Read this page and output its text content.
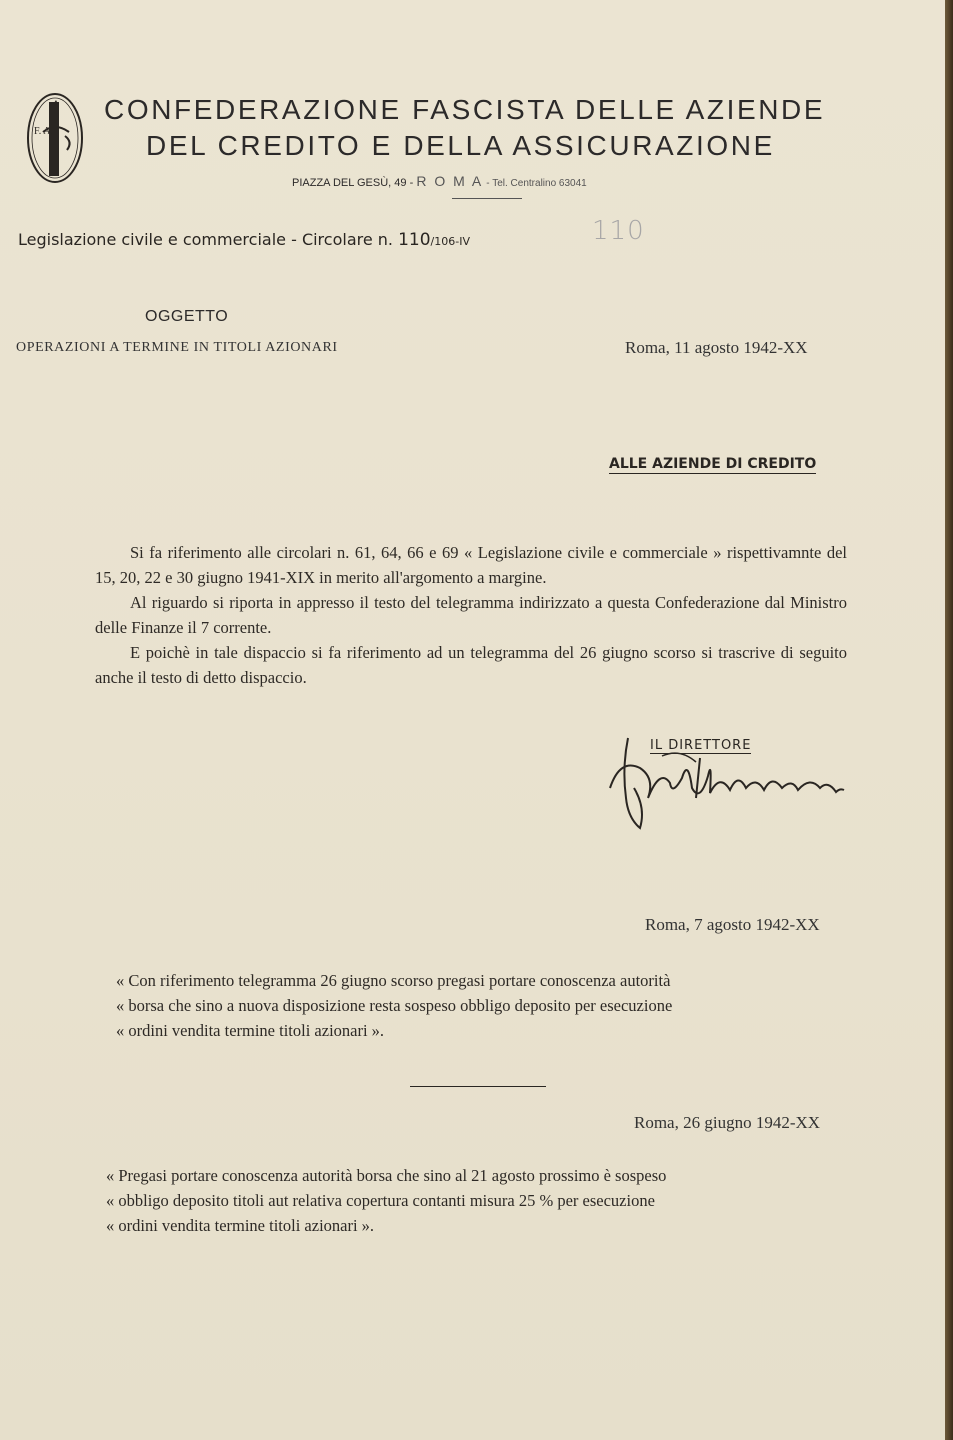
F. A.
CONFEDERAZIONE FASCISTA DELLE AZIENDE
DEL CREDITO E DELLA ASSICURAZIONE
PIAZZA DEL GESÙ, 49 - R O M A - Tel. Centralino 63041
Legislazione civile e commerciale - Circolare n. 110/106-IV	110
OGGETTO
OPERAZIONI A TERMINE IN TITOLI AZIONARI	Roma, 11 agosto 1942-XX
ALLE AZIENDE DI CREDITO

Si fa riferimento alle circolari n. 61, 64, 66 e 69 « Legislazione civile e commerciale » rispettivamnte del 15, 20, 22 e 30 giugno 1941-XIX in merito all'argomento a margine.

Al riguardo si riporta in appresso il testo del telegramma indirizzato a questa Confederazione dal Ministro delle Finanze il 7 corrente.

E poichè in tale dispaccio si fa riferimento ad un telegramma del 26 giugno scorso si trascrive di seguito anche il testo di detto dispaccio.

IL DIRETTORE
Roma, 7 agosto 1942-XX

« Con riferimento telegramma 26 giugno scorso pregasi portare conoscenza autorità

« borsa che sino a nuova disposizione resta sospeso obbligo deposito per esecuzione

« ordini vendita termine titoli azionari ».

Roma, 26 giugno 1942-XX

« Pregasi portare conoscenza autorità borsa che sino al 21 agosto prossimo è sospeso

« obbligo deposito titoli aut relativa copertura contanti misura 25 % per esecuzione

« ordini vendita termine titoli azionari ».
